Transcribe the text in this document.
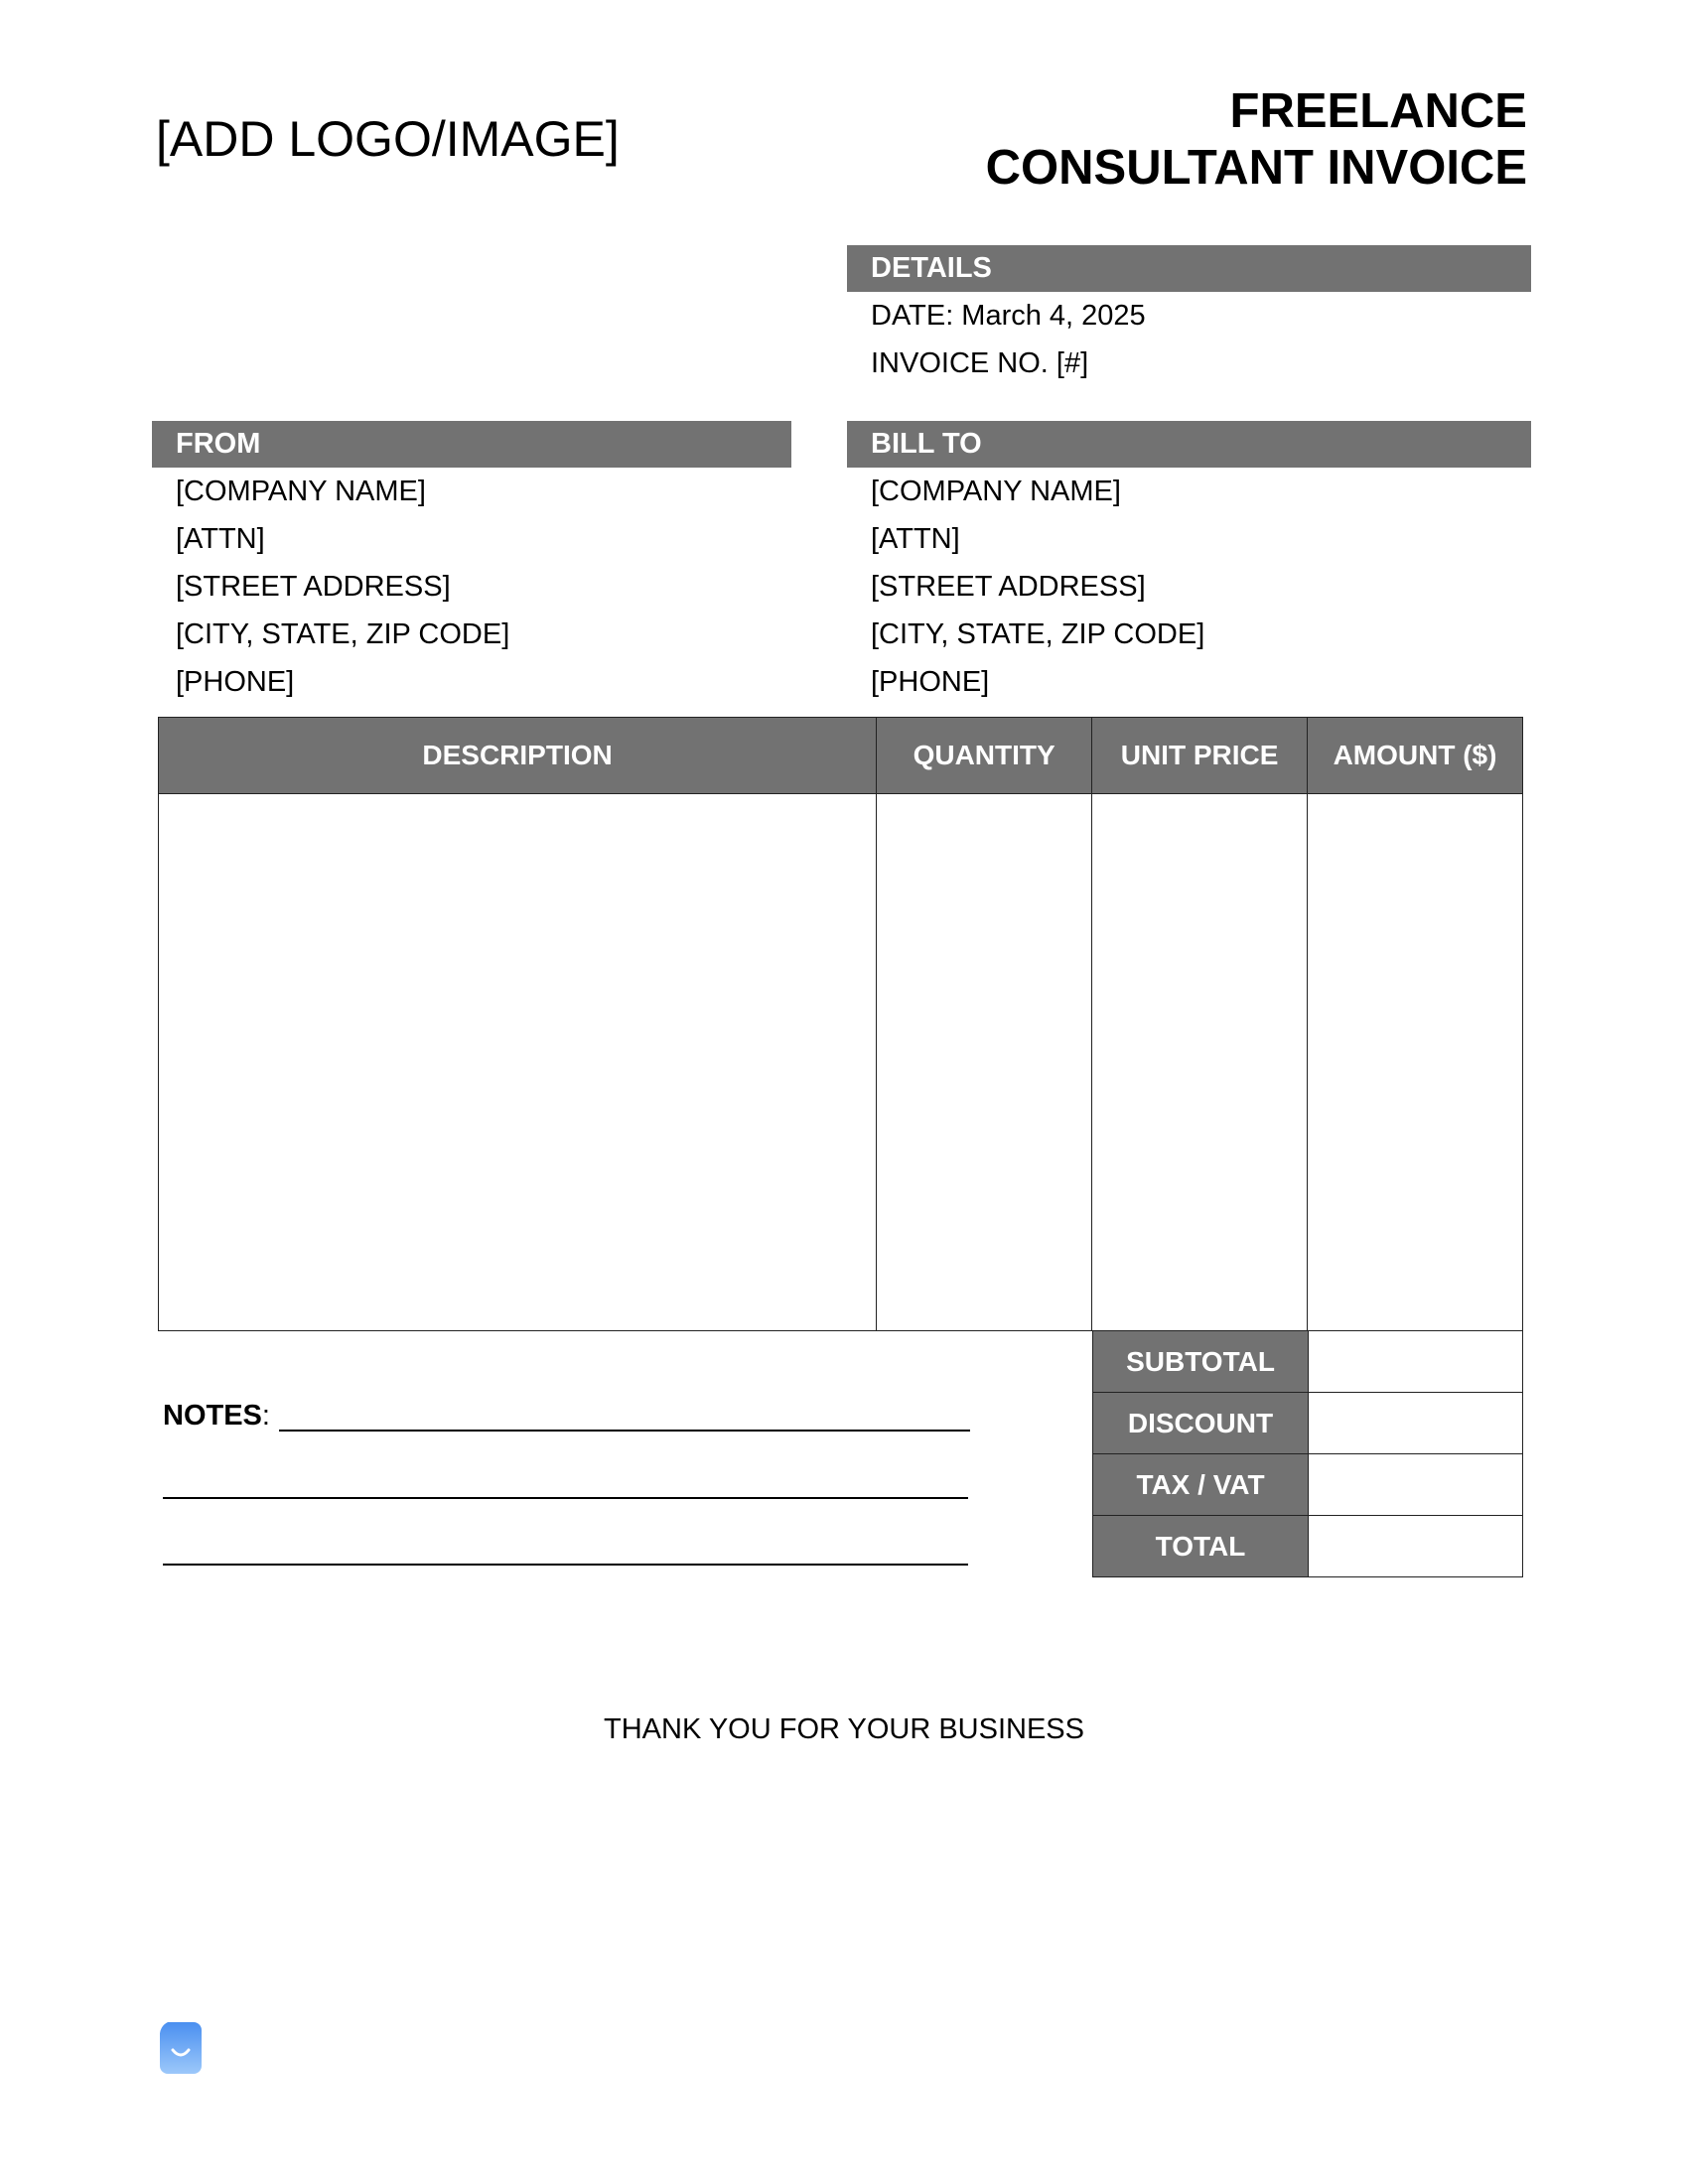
[ADD LOGO/IMAGE]	FREELANCE
CONSULTANT INVOICE
DETAILS
DATE: March 4, 2025
INVOICE NO. [#]
FROM
[COMPANY NAME]
[ATTN]
[STREET ADDRESS]
[CITY, STATE, ZIP CODE]
[PHONE]
BILL TO
[COMPANY NAME]
[ATTN]
[STREET ADDRESS]
[CITY, STATE, ZIP CODE]
[PHONE]
DESCRIPTION	QUANTITY	UNIT PRICE	AMOUNT ($)

SUBTOTAL	
DISCOUNT	
TAX / VAT	
TOTAL	
NOTES:
THANK YOU FOR YOUR BUSINESS
